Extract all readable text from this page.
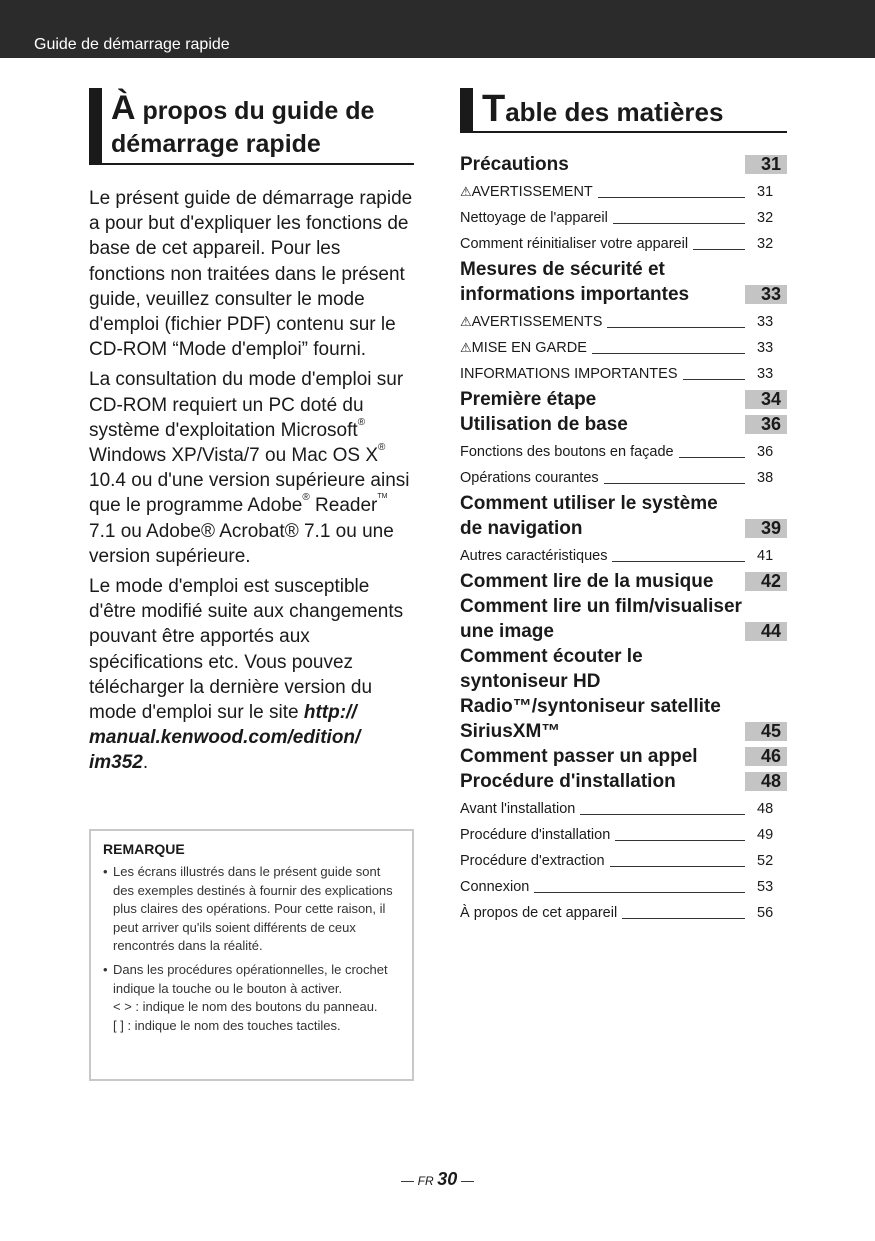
Guide de démarrage rapide
À propos du guide de
démarrage rapide

Le présent guide de démarrage rapide a pour but d'expliquer les fonctions de base de cet appareil. Pour les fonctions non traitées dans le présent guide, veuillez consulter le mode d'emploi (fichier PDF) contenu sur le CD-ROM “Mode d'emploi” fourni.

La consultation du mode d'emploi sur CD-ROM requiert un PC doté du système d'exploitation Microsoft® Windows XP/Vista/7 ou Mac OS X® 10.4 ou d'une version supérieure ainsi que le programme Adobe® Reader™ 7.1 ou Adobe® Acrobat® 7.1 ou une version supérieure.

Le mode d'emploi est susceptible d'être modifié suite aux changements pouvant être apportés aux spécifications etc. Vous pouvez télécharger la dernière version du mode d'emploi sur le site http:// manual.kenwood.com/edition/ im352.

REMARQUE
• Les écrans illustrés dans le présent guide sont des exemples destinés à fournir des explications plus claires des opérations. Pour cette raison, il peut arriver qu'ils soient différents de ceux rencontrés dans la réalité.
• Dans les procédures opérationnelles, le crochet indique la touche ou le bouton à activer.
< > : indique le nom des boutons du panneau.
[ ] : indique le nom des touches tactiles.
Table des matières
Précautions	31
⚠AVERTISSEMENT	31
Nettoyage de l'appareil	32
Comment réinitialiser votre appareil	32
Mesures de sécurité et informations importantes	33
⚠AVERTISSEMENTS	33
⚠MISE EN GARDE	33
INFORMATIONS IMPORTANTES	33
Première étape	34
Utilisation de base	36
Fonctions des boutons en façade	36
Opérations courantes	38
Comment utiliser le système de navigation	39
Autres caractéristiques	41
Comment lire de la musique	42
Comment lire un film/visualiser une image	44
Comment écouter le syntoniseur HD Radio™/syntoniseur satellite SiriusXM™	45
Comment passer un appel	46
Procédure d'installation	48
Avant l'installation	48
Procédure d'installation	49
Procédure d'extraction	52
Connexion	53
À propos de cet appareil	56
— FR 30 —
